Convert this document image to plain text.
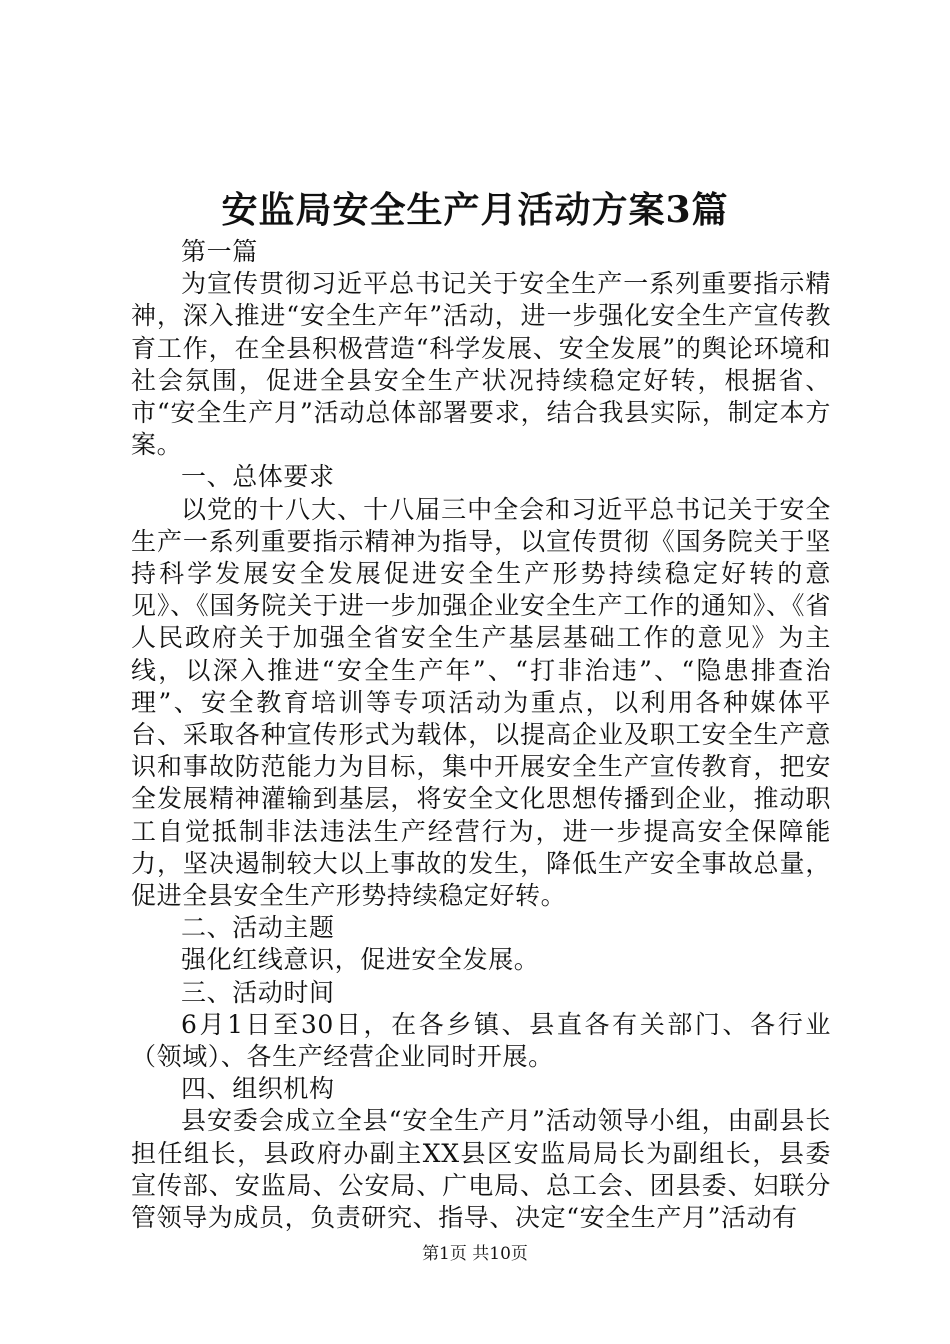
安监局安全生产月活动方案3篇

第一篇

为宣传贯彻习近平总书记关于安全生产一系列重要指示精神，深入推进“安全生产年”活动，进一步强化安全生产宣传教育工作，在全县积极营造“科学发展、安全发展”的舆论环境和社会氛围，促进全县安全生产状况持续稳定好转，根据省、市“安全生产月”活动总体部署要求，结合我县实际，制定本方案。

一、总体要求

以党的十八大、十八届三中全会和习近平总书记关于安全生产一系列重要指示精神为指导，以宣传贯彻《国务院关于坚持科学发展安全发展促进安全生产形势持续稳定好转的意见》、《国务院关于进一步加强企业安全生产工作的通知》、《省人民政府关于加强全省安全生产基层基础工作的意见》为主线，以深入推进“安全生产年”、“打非治违”、“隐患排查治理”、安全教育培训等专项活动为重点，以利用各种媒体平台、采取各种宣传形式为载体，以提高企业及职工安全生产意识和事故防范能力为目标，集中开展安全生产宣传教育，把安全发展精神灌输到基层，将安全文化思想传播到企业，推动职工自觉抵制非法违法生产经营行为，进一步提高安全保障能力，坚决遏制较大以上事故的发生，降低生产安全事故总量，促进全县安全生产形势持续稳定好转。

二、活动主题

强化红线意识，促进安全发展。

三、活动时间

6月1日至30日，在各乡镇、县直各有关部门、各行业（领域）、各生产经营企业同时开展。

四、组织机构

县安委会成立全县“安全生产月”活动领导小组，由副县长担任组长，县政府办副主XX县区安监局局长为副组长，县委宣传部、安监局、公安局、广电局、总工会、团县委、妇联分管领导为成员，负责研究、指导、决定“安全生产月”活动有

第1页 共10页
